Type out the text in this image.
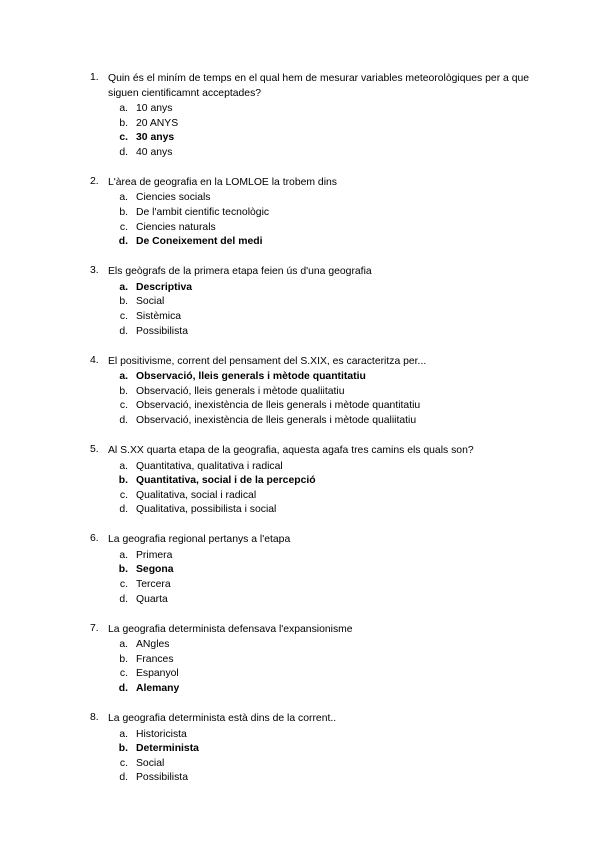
1. Quin és el miním de temps en el qual hem de mesurar variables meteorològiques per a que siguen cientificamnt acceptades?
a. 10 anys
b. 20 ANYS
c. 30 anys
d. 40 anys
2. L'àrea de geografia en la LOMLOE la trobem dins
a. Ciencies socials
b. De l'ambit cientific tecnològic
c. Ciencies naturals
d. De Coneixement del medi
3. Els geògrafs de la primera etapa feien ús d'una geografia
a. Descriptiva
b. Social
c. Sistèmica
d. Possibilista
4. El positivisme, corrent del pensament del S.XIX, es caracteritza per...
a. Observació, lleis generals i mètode quantitatiu
b. Observació, lleis generals i mètode qualiitatiu
c. Observació, inexistència de lleis generals i mètode quantitatiu
d. Observació, inexistència de lleis generals i mètode qualiitatiu
5. Al S.XX quarta etapa de la geografia, aquesta agafa tres camins els quals son?
a. Quantitativa, qualitativa i radical
b. Quantitativa, social i de la percepció
c. Qualitativa, social i radical
d. Qualitativa, possibilista i social
6. La geografia regional pertanys a l'etapa
a. Primera
b. Segona
c. Tercera
d. Quarta
7. La geografia determinista defensava l'expansionisme
a. ANgles
b. Frances
c. Espanyol
d. Alemany
8. La geografia determinista està dins de la corrent..
a. Historicista
b. Determinista
c. Social
d. Possibilista
